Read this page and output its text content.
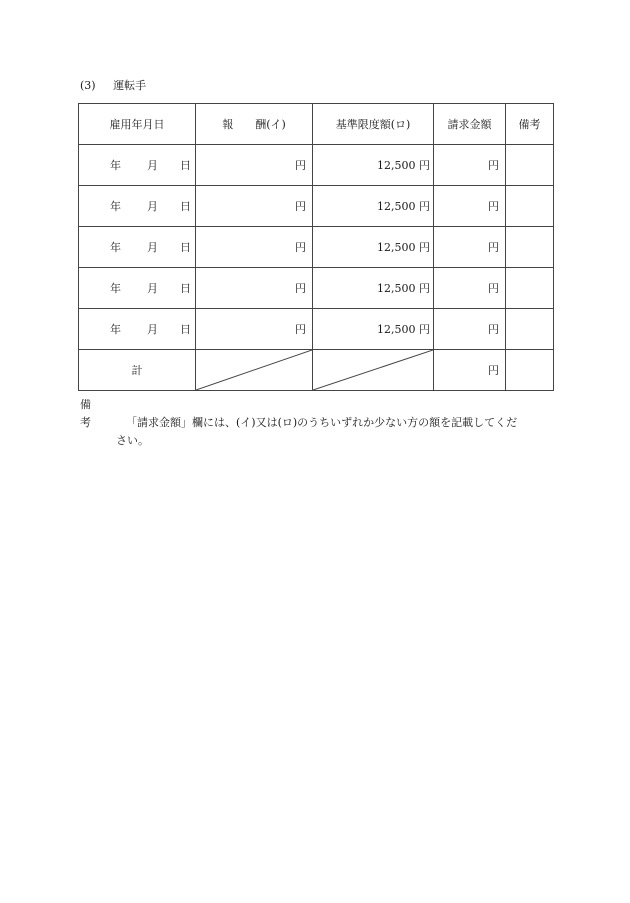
(3) 運転手
雇用年月日	報　　酬(イ)	基準限度額(ロ)	請求金額	備考

年 月 日	円	12,500 円	円	

年 月 日	円	12,500 円	円	

年 月 日	円	12,500 円	円	

年 月 日	円	12,500 円	円	

年 月 日	円	12,500 円	円	
計			円	
備　考	「請求金額」欄には、(イ)又は(ロ)のうちいずれか少ない方の額を記載してくだ
さい。
